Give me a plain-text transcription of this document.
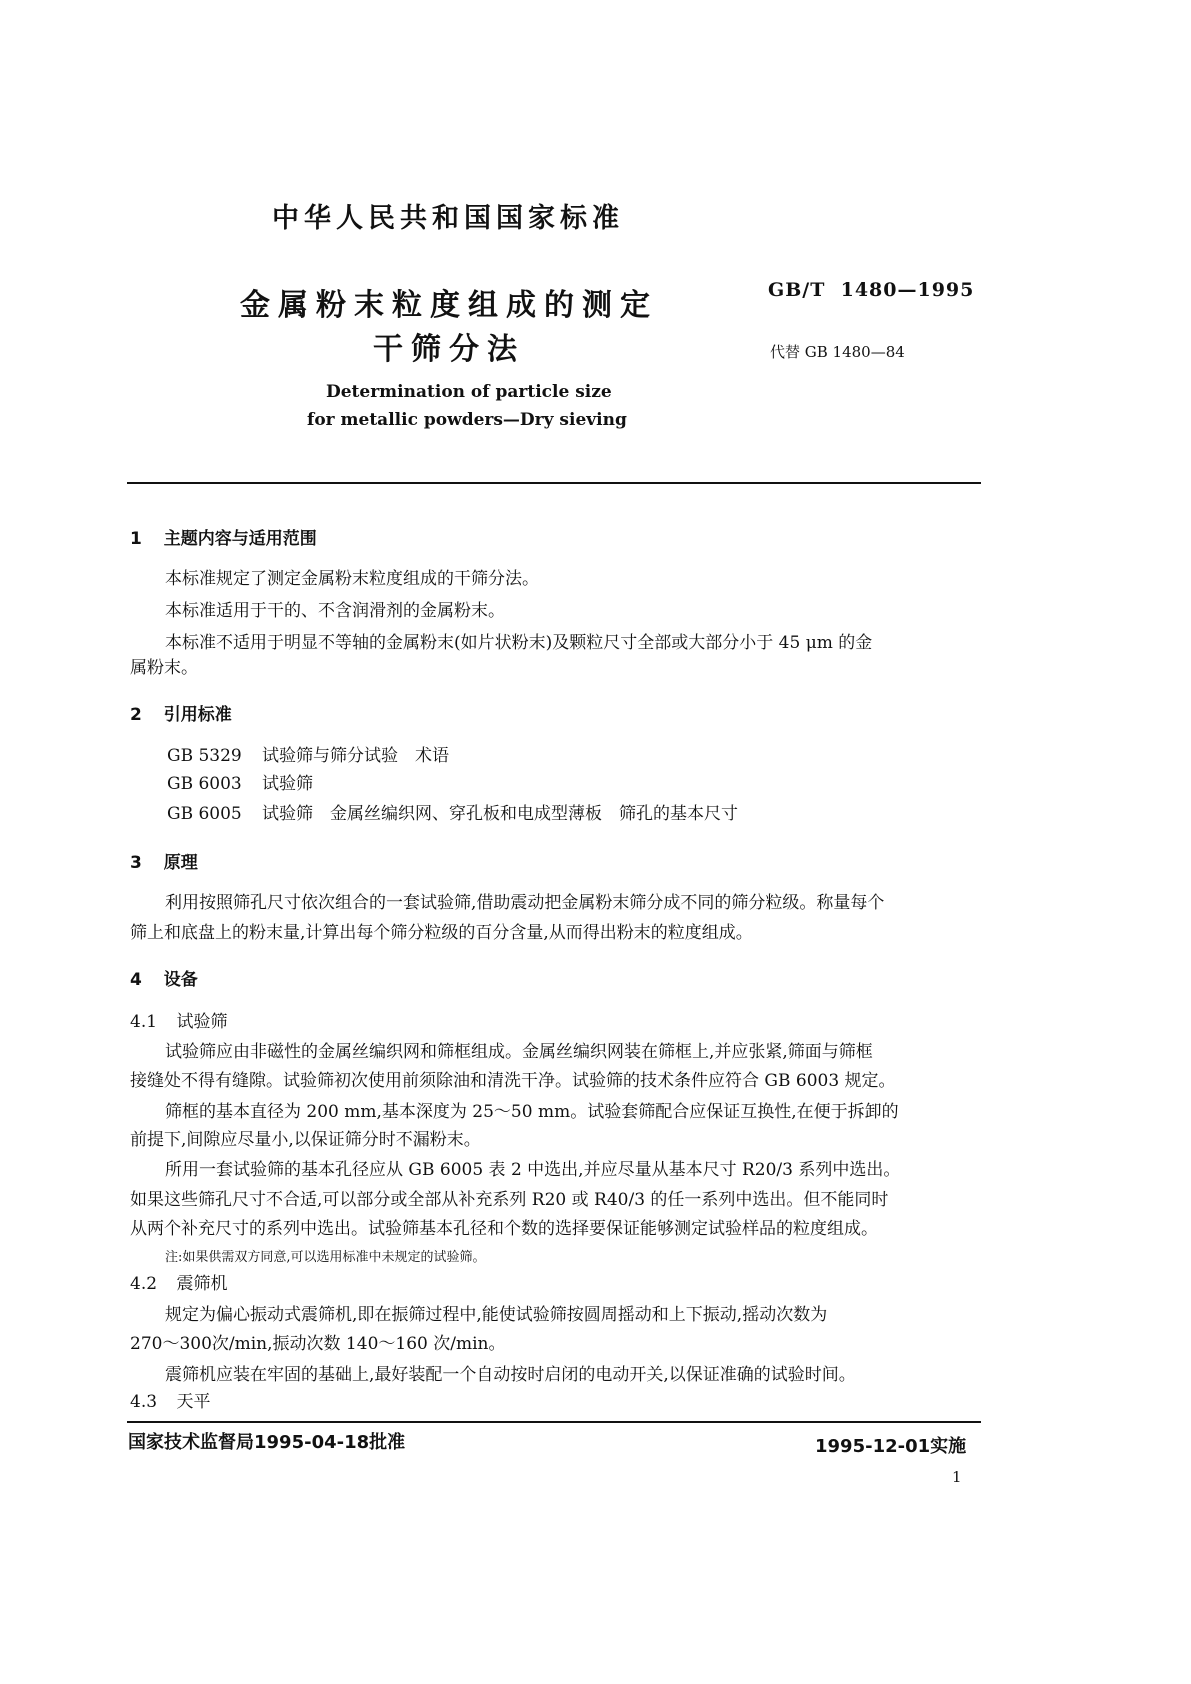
中华人民共和国国家标准
金属粉末粒度组成的测定
干筛分法
GB/T  1480—1995
代替 GB 1480—84
Determination of particle size
for metallic powders—Dry sieving
1 主题内容与适用范围
本标准规定了测定金属粉末粒度组成的干筛分法。
本标准适用于干的、不含润滑剂的金属粉末。
本标准不适用于明显不等轴的金属粉末(如片状粉末)及颗粒尺寸全部或大部分小于 45 μm 的金
属粉末。
2 引用标准
GB 5329 试验筛与筛分试验　术语
GB 6003 试验筛
GB 6005 试验筛　金属丝编织网、穿孔板和电成型薄板　筛孔的基本尺寸
3 原理
利用按照筛孔尺寸依次组合的一套试验筛,借助震动把金属粉末筛分成不同的筛分粒级。称量每个
筛上和底盘上的粉末量,计算出每个筛分粒级的百分含量,从而得出粉末的粒度组成。
4 设备
4.1 试验筛
试验筛应由非磁性的金属丝编织网和筛框组成。金属丝编织网装在筛框上,并应张紧,筛面与筛框
接缝处不得有缝隙。试验筛初次使用前须除油和清洗干净。试验筛的技术条件应符合 GB 6003 规定。
筛框的基本直径为 200 mm,基本深度为 25～50 mm。试验套筛配合应保证互换性,在便于拆卸的
前提下,间隙应尽量小,以保证筛分时不漏粉末。
所用一套试验筛的基本孔径应从 GB 6005 表 2 中选出,并应尽量从基本尺寸 R20/3 系列中选出。
如果这些筛孔尺寸不合适,可以部分或全部从补充系列 R20 或 R40/3 的任一系列中选出。但不能同时
从两个补充尺寸的系列中选出。试验筛基本孔径和个数的选择要保证能够测定试验样品的粒度组成。
注:如果供需双方同意,可以选用标准中未规定的试验筛。
4.2 震筛机
规定为偏心振动式震筛机,即在振筛过程中,能使试验筛按圆周摇动和上下振动,摇动次数为
270～300次/min,振动次数 140～160 次/min。
震筛机应装在牢固的基础上,最好装配一个自动按时启闭的电动开关,以保证准确的试验时间。
4.3 天平
国家技术监督局1995-04-18批准	1995-12-01实施
1
